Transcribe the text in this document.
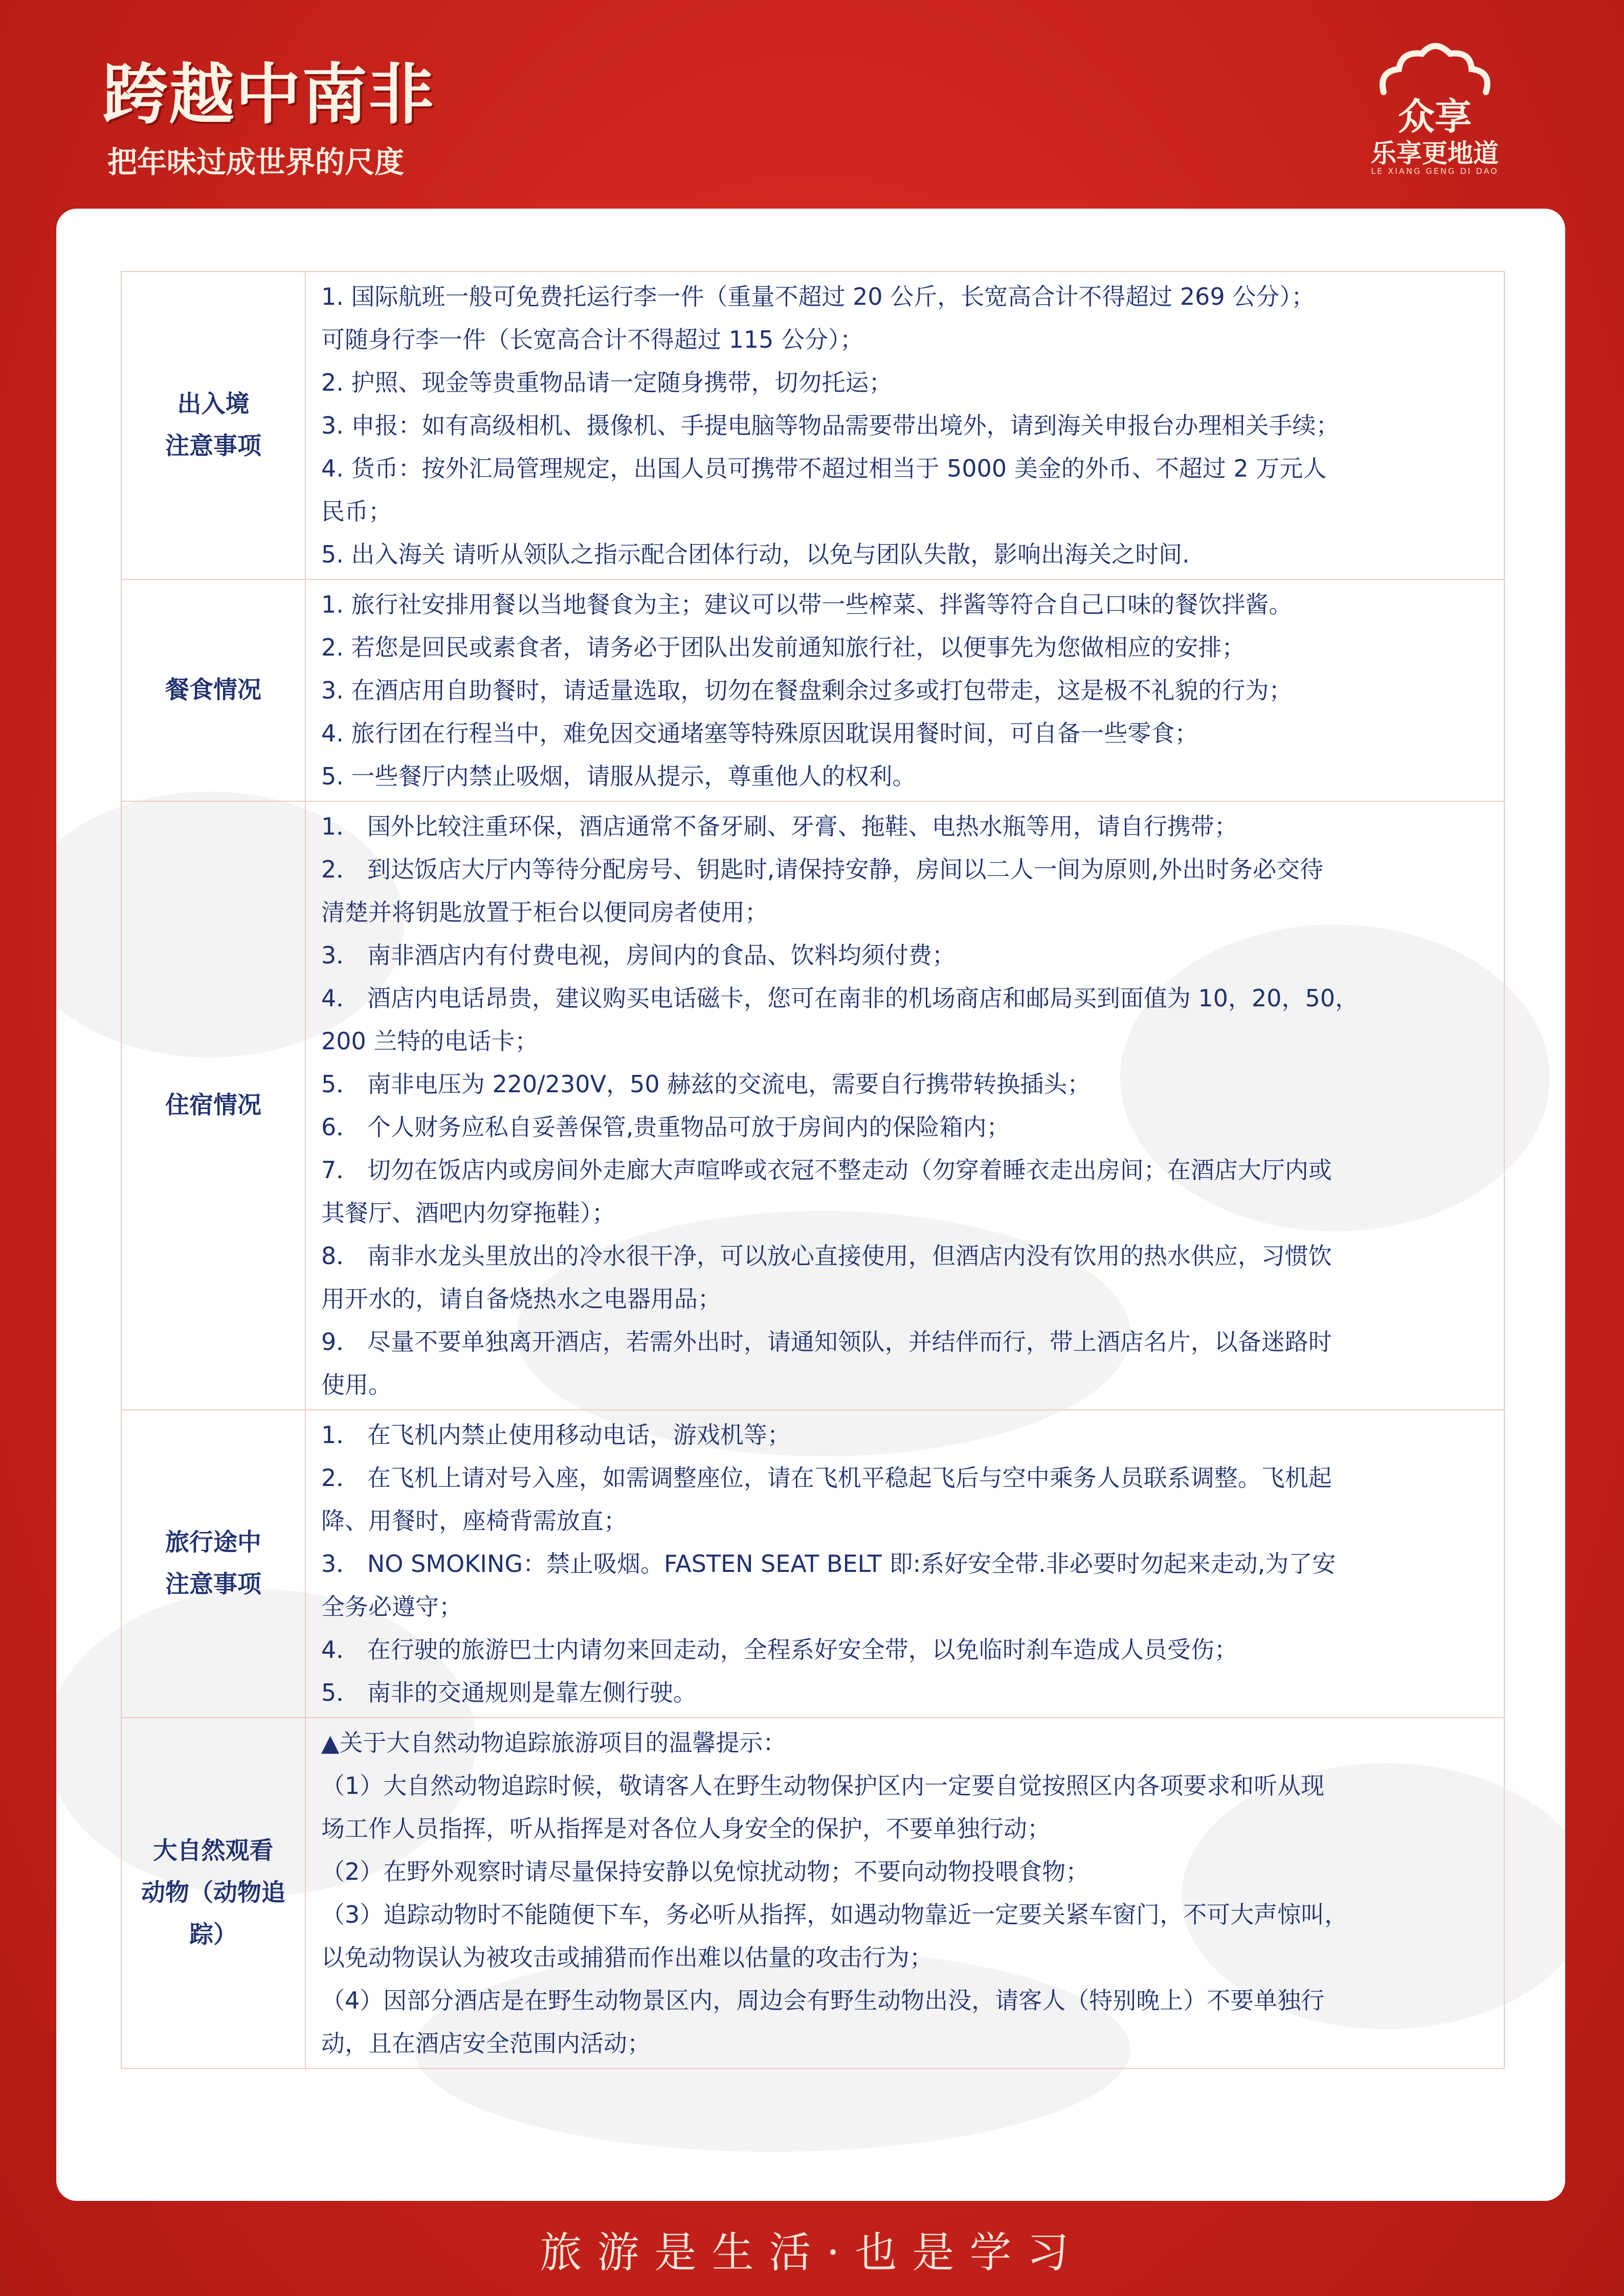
跨越中南非
把年味过成世界的尺度
众享
乐享更地道
LE XIANG GENG DI DAO
出入境
注意事项
1. 国际航班一般可免费托运行李一件（重量不超过 20 公斤，长宽高合计不得超过 269 公分）；
可随身行李一件（长宽高合计不得超过 115 公分）；
2. 护照、现金等贵重物品请一定随身携带，切勿托运；
3. 申报：如有高级相机、摄像机、手提电脑等物品需要带出境外，请到海关申报台办理相关手续；
4. 货币：按外汇局管理规定，出国人员可携带不超过相当于 5000 美金的外币、不超过 2 万元人
民币；
5. 出入海关 请听从领队之指示配合团体行动，以免与团队失散，影响出海关之时间.
餐食情况
1. 旅行社安排用餐以当地餐食为主；建议可以带一些榨菜、拌酱等符合自己口味的餐饮拌酱。
2. 若您是回民或素食者，请务必于团队出发前通知旅行社，以便事先为您做相应的安排；
3. 在酒店用自助餐时，请适量选取，切勿在餐盘剩余过多或打包带走，这是极不礼貌的行为；
4. 旅行团在行程当中，难免因交通堵塞等特殊原因耽误用餐时间，可自备一些零食；
5. 一些餐厅内禁止吸烟，请服从提示，尊重他人的权利。
住宿情况
1． 国外比较注重环保，酒店通常不备牙刷、牙膏、拖鞋、电热水瓶等用，请自行携带；
2． 到达饭店大厅内等待分配房号、钥匙时,请保持安静，房间以二人一间为原则,外出时务必交待
清楚并将钥匙放置于柜台以便同房者使用；
3． 南非酒店内有付费电视，房间内的食品、饮料均须付费；
4． 酒店内电话昂贵，建议购买电话磁卡，您可在南非的机场商店和邮局买到面值为 10，20，50，
200 兰特的电话卡；
5． 南非电压为 220/230V，50 赫兹的交流电，需要自行携带转换插头；
6． 个人财务应私自妥善保管,贵重物品可放于房间内的保险箱内；
7． 切勿在饭店内或房间外走廊大声喧哗或衣冠不整走动（勿穿着睡衣走出房间；在酒店大厅内或
其餐厅、酒吧内勿穿拖鞋）；
8． 南非水龙头里放出的冷水很干净，可以放心直接使用，但酒店内没有饮用的热水供应，习惯饮
用开水的，请自备烧热水之电器用品；
9． 尽量不要单独离开酒店，若需外出时，请通知领队，并结伴而行，带上酒店名片，以备迷路时
使用。
旅行途中
注意事项
1． 在飞机内禁止使用移动电话，游戏机等；
2． 在飞机上请对号入座，如需调整座位，请在飞机平稳起飞后与空中乘务人员联系调整。飞机起
降、用餐时，座椅背需放直；
3． NO SMOKING：禁止吸烟。FASTEN SEAT BELT 即:系好安全带.非必要时勿起来走动,为了安
全务必遵守；
4． 在行驶的旅游巴士内请勿来回走动，全程系好安全带，以免临时刹车造成人员受伤；
5． 南非的交通规则是靠左侧行驶。
大自然观看
动物（动物追
踪）
▲关于大自然动物追踪旅游项目的温馨提示：
（1）大自然动物追踪时候，敬请客人在野生动物保护区内一定要自觉按照区内各项要求和听从现
场工作人员指挥，听从指挥是对各位人身安全的保护，不要单独行动；
（2）在野外观察时请尽量保持安静以免惊扰动物；不要向动物投喂食物；
（3）追踪动物时不能随便下车，务必听从指挥，如遇动物靠近一定要关紧车窗门，不可大声惊叫，
以免动物误认为被攻击或捕猎而作出难以估量的攻击行为；
（4）因部分酒店是在野生动物景区内，周边会有野生动物出没，请客人（特别晚上）不要单独行
动，且在酒店安全范围内活动；
旅游是生活·也是学习
